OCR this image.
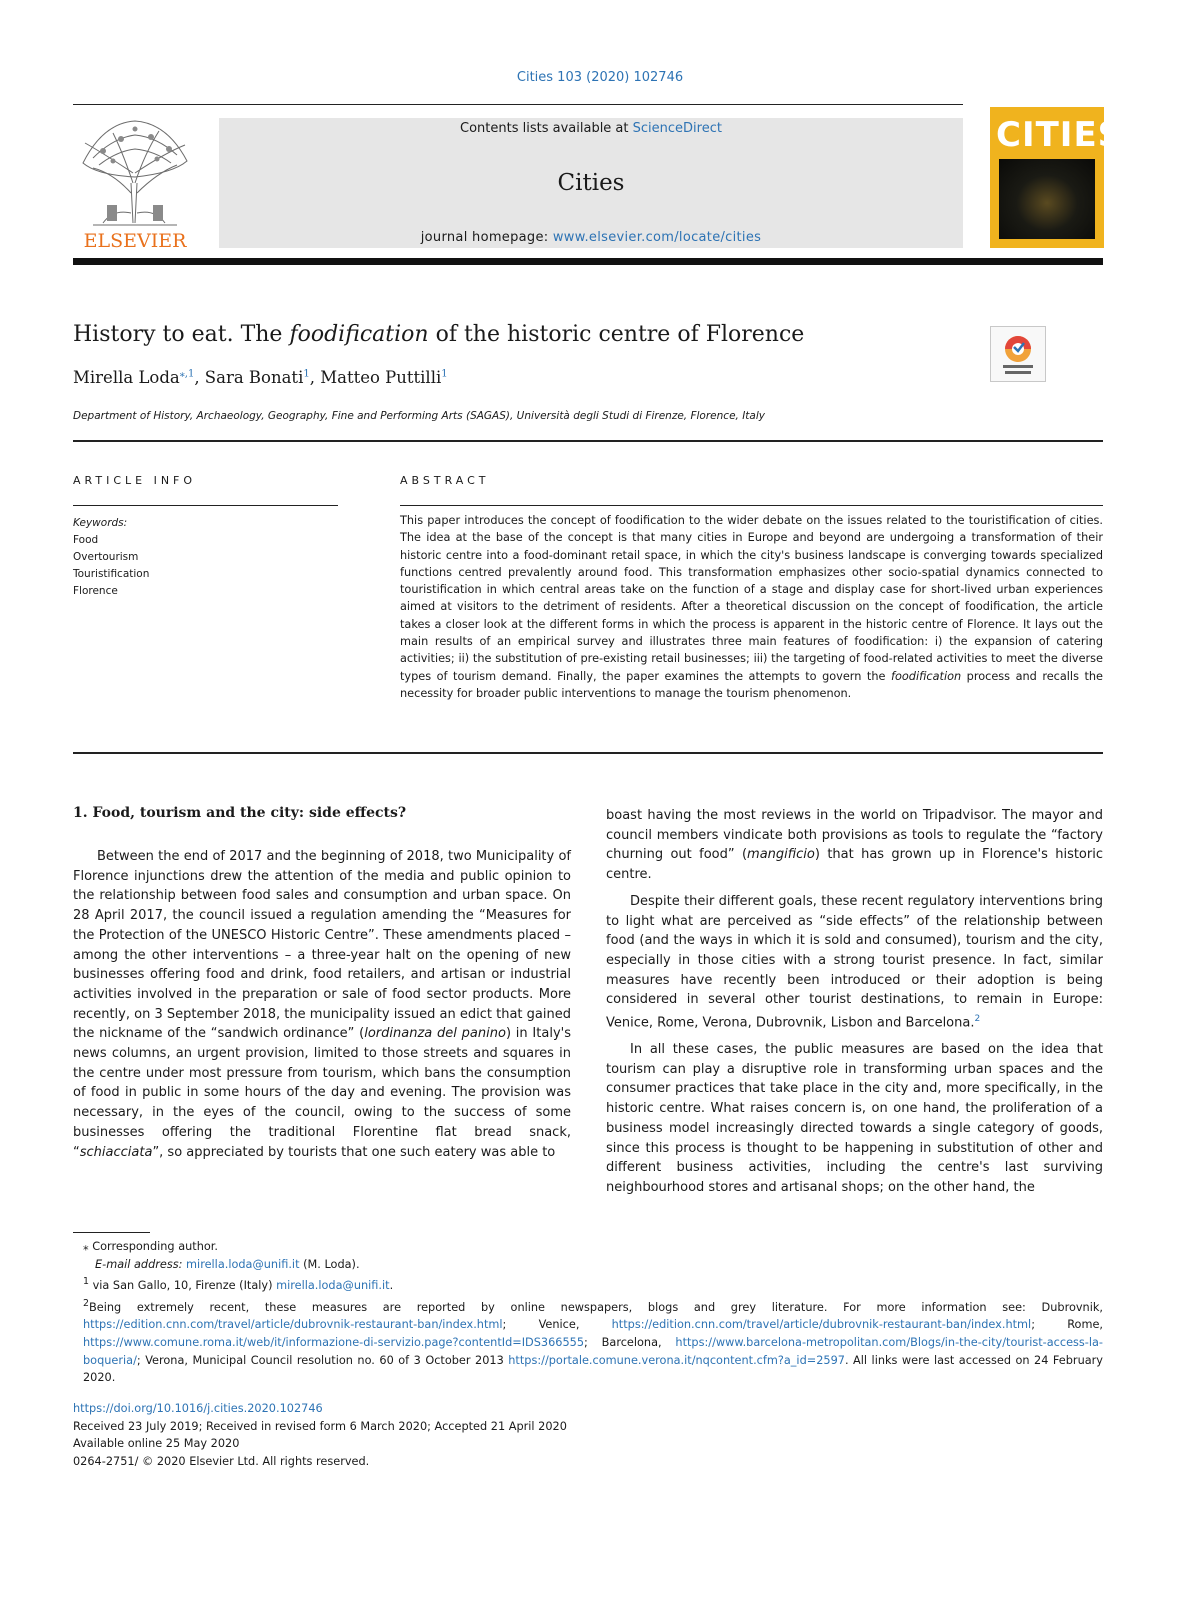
Cities 103 (2020) 102746
ELSEVIER
Contents lists available at ScienceDirect
Cities
journal homepage: www.elsevier.com/locate/cities
CITIES
History to eat. The foodification of the historic centre of Florence
Mirella Loda$^{⁎,1}$, Sara Bonati$^1$, Matteo Puttilli$^1$
Department of History, Archaeology, Geography, Fine and Performing Arts (SAGAS), Università degli Studi di Firenze, Florence, Italy
ARTICLE INFO	ABSTRACT
Keywords:
Food
Overtourism
Touristification
Florence
This paper introduces the concept of foodification to the wider debate on the issues related to the touristification of cities. The idea at the base of the concept is that many cities in Europe and beyond are undergoing a transformation of their historic centre into a food-dominant retail space, in which the city's business landscape is converging towards specialized functions centred prevalently around food. This transformation emphasizes other socio-spatial dynamics connected to touristification in which central areas take on the function of a stage and display case for short-lived urban experiences aimed at visitors to the detriment of residents. After a theoretical discussion on the concept of foodification, the article takes a closer look at the different forms in which the process is apparent in the historic centre of Florence. It lays out the main results of an empirical survey and illustrates three main features of foodification: i) the expansion of catering activities; ii) the substitution of pre-existing retail businesses; iii) the targeting of food-related activities to meet the diverse types of tourism demand. Finally, the paper examines the attempts to govern the foodification process and recalls the necessity for broader public interventions to manage the tourism phenomenon.
1. Food, tourism and the city: side effects?

Between the end of 2017 and the beginning of 2018, two Municipality of Florence injunctions drew the attention of the media and public opinion to the relationship between food sales and consumption and urban space. On 28 April 2017, the council issued a regulation amending the “Measures for the Protection of the UNESCO Historic Centre”. These amendments placed – among the other interventions – a three-year halt on the opening of new businesses offering food and drink, food retailers, and artisan or industrial activities involved in the preparation or sale of food sector products. More recently, on 3 September 2018, the municipality issued an edict that gained the nickname of the “sandwich ordinance” (lordinanza del panino) in Italy's news columns, an urgent provision, limited to those streets and squares in the centre under most pressure from tourism, which bans the consumption of food in public in some hours of the day and evening. The provision was necessary, in the eyes of the council, owing to the success of some businesses offering the traditional Florentine flat bread snack, “schiacciata”, so appreciated by tourists that one such eatery was able to

boast having the most reviews in the world on Tripadvisor. The mayor and council members vindicate both provisions as tools to regulate the “factory churning out food” (mangificio) that has grown up in Florence's historic centre.

Despite their different goals, these recent regulatory interventions bring to light what are perceived as “side effects” of the relationship between food (and the ways in which it is sold and consumed), tourism and the city, especially in those cities with a strong tourist presence. In fact, similar measures have recently been introduced or their adoption is being considered in several other tourist destinations, to remain in Europe: Venice, Rome, Verona, Dubrovnik, Lisbon and Barcelona.$^2$

In all these cases, the public measures are based on the idea that tourism can play a disruptive role in transforming urban spaces and the consumer practices that take place in the city and, more specifically, in the historic centre. What raises concern is, on one hand, the proliferation of a business model increasingly directed towards a single category of goods, since this process is thought to be happening in substitution of other and different business activities, including the centre's last surviving neighbourhood stores and artisanal shops; on the other hand, the

⁎ Corresponding author.
E-mail address: mirella.loda@unifi.it (M. Loda).
$^1$ via San Gallo, 10, Firenze (Italy) mirella.loda@unifi.it.
$^2$Being extremely recent, these measures are reported by online newspapers, blogs and grey literature. For more information see: Dubrovnik, https://edition.cnn.com/travel/article/dubrovnik-restaurant-ban/index.html; Venice, https://edition.cnn.com/travel/article/dubrovnik-restaurant-ban/index.html; Rome, https://www.comune.roma.it/web/it/informazione-di-servizio.page?contentId=IDS366555; Barcelona, https://www.barcelona-metropolitan.com/Blogs/in-the-city/tourist-access-la-boqueria/; Verona, Municipal Council resolution no. 60 of 3 October 2013 https://portale.comune.verona.it/nqcontent.cfm?a_id=2597. All links were last accessed on 24 February 2020.
https://doi.org/10.1016/j.cities.2020.102746
Received 23 July 2019; Received in revised form 6 March 2020; Accepted 21 April 2020
Available online 25 May 2020
0264-2751/ © 2020 Elsevier Ltd. All rights reserved.
